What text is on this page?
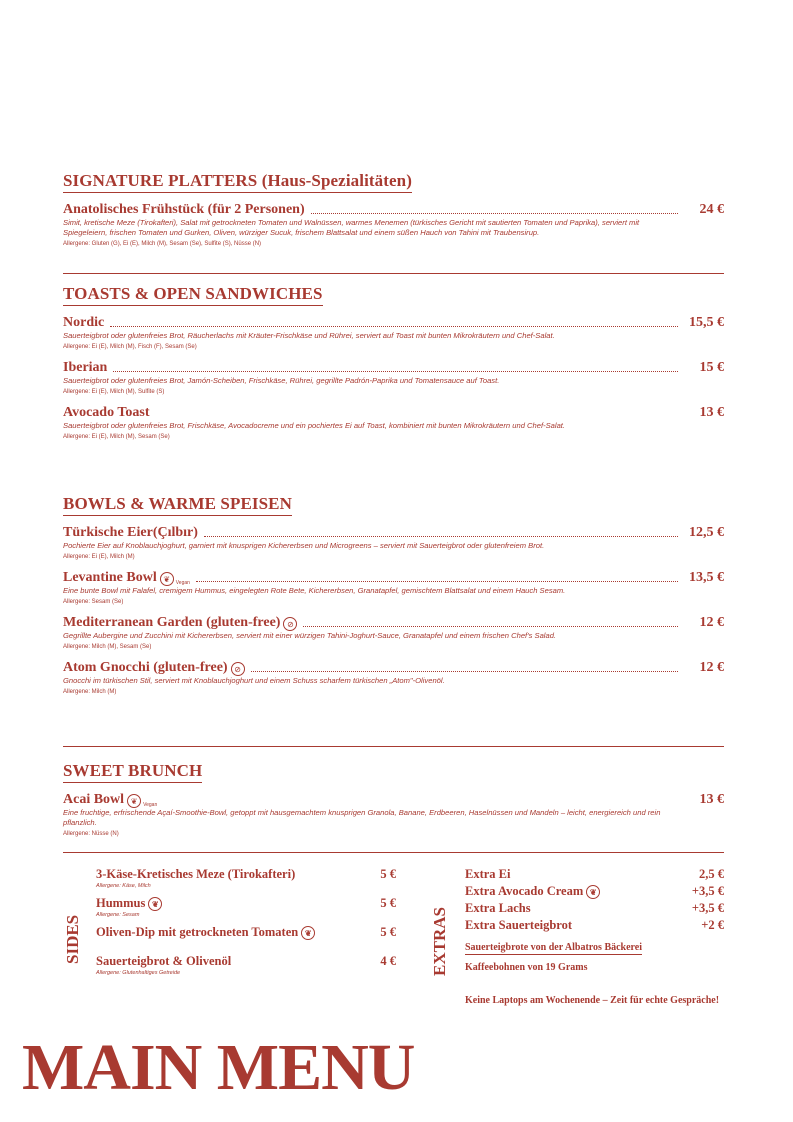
SIGNATURE PLATTERS (Haus-Spezialitäten)
Anatolisches Frühstück (für 2 Personen)	24 €
Simit, kretische Meze (Tirokafteri), Salat mit getrockneten Tomaten und Walnüssen, warmes Menemen (türkisches Gericht mit sautierten Tomaten und Paprika), serviert mit Spiegeleiern, frischen Tomaten und Gurken, Oliven, würziger Sucuk, frischem Blattsalat und einem süßen Hauch von Tahini mit Traubensirup.
Allergene: Gluten (G), Ei (E), Milch (M), Sesam (Se), Sulfite (S), Nüsse (N)
TOASTS & OPEN SANDWICHES
Nordic	15,5 €
Sauerteigbrot oder glutenfreies Brot, Räucherlachs mit Kräuter-Frischkäse und Rührei, serviert auf Toast mit bunten Mikrokräutern und Chef-Salat.
Allergene: Ei (E), Milch (M), Fisch (F), Sesam (Se)
Iberian	15 €
Sauerteigbrot oder glutenfreies Brot, Jamón-Scheiben, Frischkäse, Rührei, gegrillte Padrón-Paprika und Tomatensauce auf Toast.
Allergene: Ei (E), Milch (M), Sulfite (S)
Avocado Toast	13 €
Sauerteigbrot oder glutenfreies Brot, Frischkäse, Avocadocreme und ein pochiertes Ei auf Toast, kombiniert mit bunten Mikrokräutern und Chef-Salat.
Allergene: Ei (E), Milch (M), Sesam (Se)
BOWLS & WARME SPEISEN
Türkische Eier(Çılbır)	12,5 €
Pochierte Eier auf Knoblauchjoghurt, garniert mit knusprigen Kichererbsen und Microgreens – serviert mit Sauerteigbrot oder glutenfreiem Brot.
Allergene: Ei (E), Milch (M)
Levantine Bowl ❦	Vegan	13,5 €
Eine bunte Bowl mit Falafel, cremigem Hummus, eingelegten Rote Bete, Kichererbsen, Granatapfel, gemischtem Blattsalat und einem Hauch Sesam.
Allergene: Sesam (Se)
Mediterranean Garden (gluten-free) ⊘	12 €
Gegrillte Aubergine und Zucchini mit Kichererbsen, serviert mit einer würzigen Tahini-Joghurt-Sauce, Granatapfel und einem frischen Chef's Salad.
Allergene: Milch (M), Sesam (Se)
Atom Gnocchi (gluten-free) ⊘	12 €
Gnocchi im türkischen Stil, serviert mit Knoblauchjoghurt und einem Schuss scharfem türkischen „Atom"-Olivenöl.
Allergene: Milch (M)
SWEET BRUNCH
Acai Bowl ❦	Vegan	13 €
Eine fruchtige, erfrischende Açaí-Smoothie-Bowl, getoppt mit hausgemachtem knusprigen Granola, Banane, Erdbeeren, Haselnüssen und Mandeln – leicht, energiereich und rein pflanzlich.
Allergene: Nüsse (N)
SIDES
3-Käse-Kretisches Meze (Tirokafteri)	5 €
Allergene: Käse, Milch
Hummus ❦	5 €
Allergene: Sesam
Oliven-Dip mit getrockneten Tomaten ❦	5 €
Sauerteigbrot & Olivenöl	4 €
Allergene: Glutenhaltiges Getreide	EXTRAS
Extra Ei	2,5 €
Extra Avocado Cream ❦	+3,5 €
Extra Lachs	+3,5 €
Extra Sauerteigbrot	+2 €
Sauerteigbrote von der Albatros Bäckerei
Kaffeebohnen von 19 Grams
Keine Laptops am Wochenende – Zeit für echte Gespräche!
MAIN MENU
